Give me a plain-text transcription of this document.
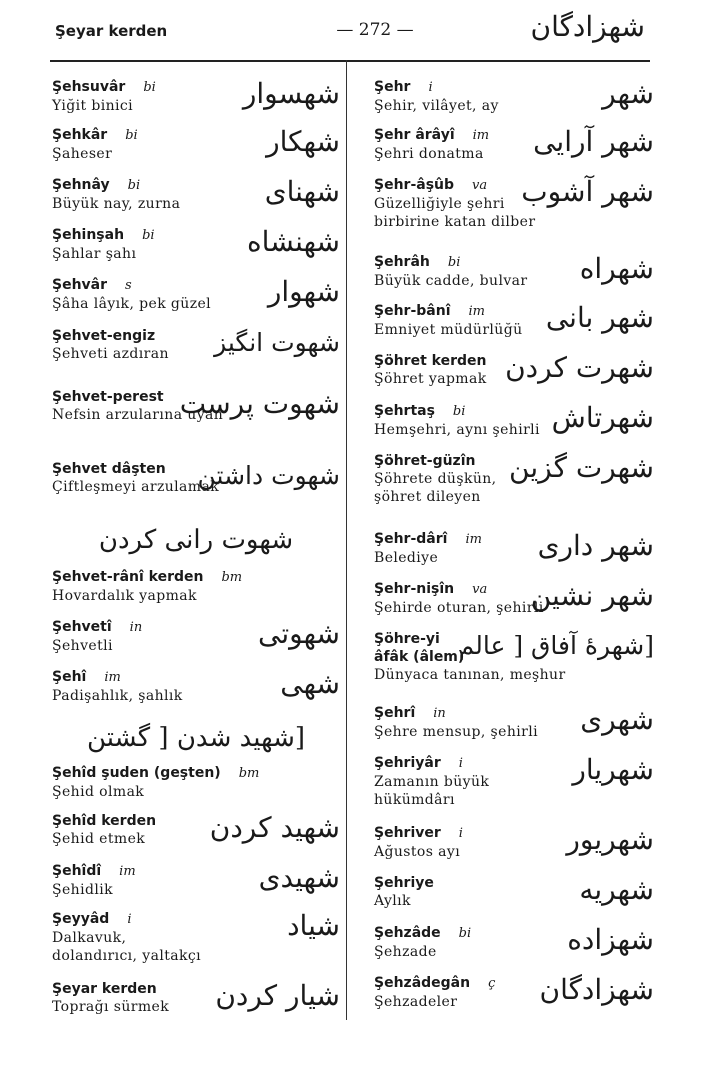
Şeyar kerden	— 272 —	شهزادگان
Şehsuvâr bi
Yiğit binici	شهسوار
Şehkâr bi
Şaheser	شهكار
Şehnây bi
Büyük nay, zurna	شهناى
Şehinşah bi
Şahlar şahı	شهنشاه
Şehvâr s
Şâha lâyık, pek güzel	شهوار
Şehvet-engiz
Şehveti azdıran	شهوت انگيز
Şehvet-perest
Nefsin arzularına uyan
شهوت پرست
Şehvet dâşten
Çiftleşmeyi arzulamak
شهوت داشتن
شهوت رانى كردن
Şehvet-rânî kerden bm
Hovardalık yapmak
Şehvetî in
Şehvetli	شهوتى
Şehî im
Padişahlık, şahlık	شهى
[شهيد شدن [ گشتن
Şehîd şuden (geşten) bm
Şehid olmak
Şehîd kerden
Şehid etmek	شهيد كردن
Şehîdî im
Şehidlik	شهيدى
Şeyyâd i
Dalkavuk,
dolandırıcı, yaltakçı
شياد
Şeyar kerden
Toprağı sürmek	شيار كردن
Şehr i
Şehir, vilâyet, ay	شهر
Şehr ârâyî im
Şehri donatma	شهر آرايى
Şehr-âşûb va
Güzelliğiyle şehri
birbirine katan dilber
شهر آشوب
Şehrâh bi
Büyük cadde, bulvar	شهراه
Şehr-bânî im
Emniyet müdürlüğü شهر بانى
Şöhret kerden
Şöhret yapmak شهرت كردن
Şehrtaş bi
Hemşehri, aynı şehirli شهرتاش
Şöhret-güzîn
Şöhrete düşkün,
şöhret dileyen
شهرت گزين
Şehr-dârî im
Belediye	شهر دارى
Şehr-nişîn va
Şehirde oturan, şehirli
شهر نشين
Şöhre-yi [شهرهٔ آفاق [ عالم
âfâk (âlem)
Dünyaca tanınan, meşhur
Şehrî in
Şehre mensup, şehirli	شهرى
Şehriyâr i
Zamanın büyük
hükümdârı
شهريار
Şehriver i
Ağustos ayı	شهريور
Şehriye
Aylık	شهريه
Şehzâde bi
Şehzade	شهزاده
Şehzâdegân ç
Şehzadeler	شهزادگان
